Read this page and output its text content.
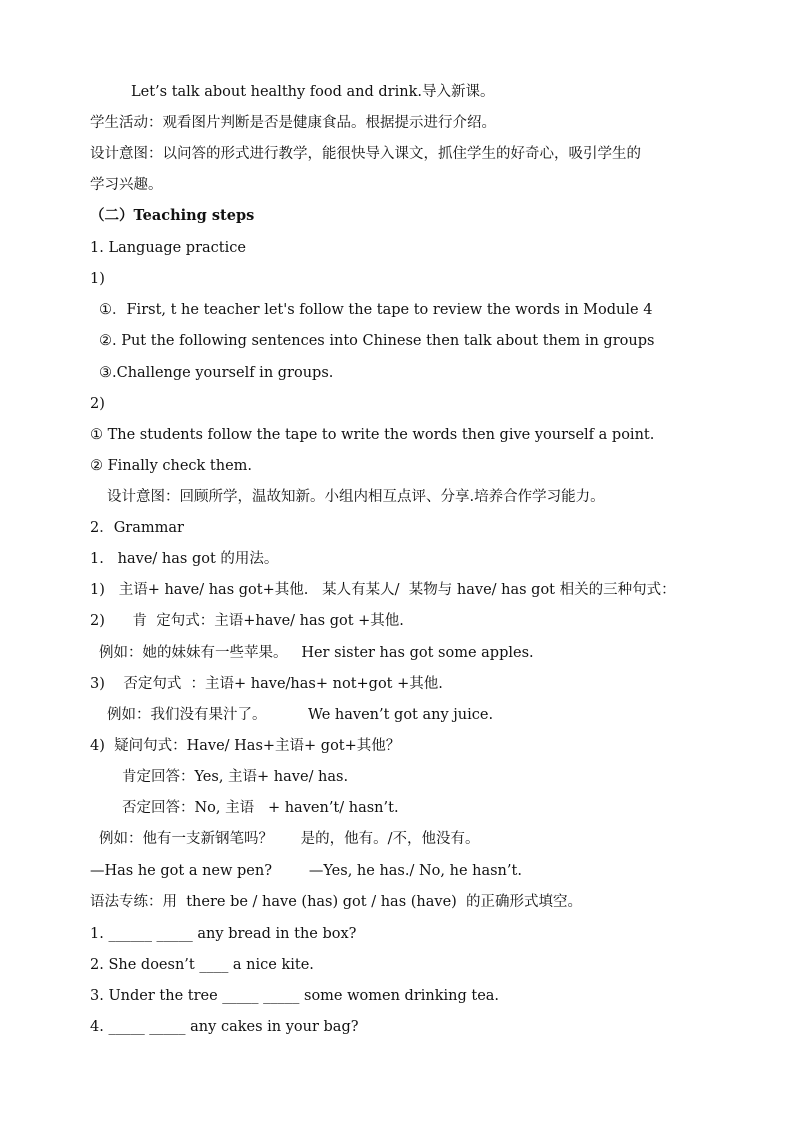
Let’s talk about healthy food and drink.导入新课。
学生活动：观看图片判断是否是健康食品。根据提示进行介绍。
设计意图：以问答的形式进行教学，能很快导入课文，抓住学生的好奇心，吸引学生的
学习兴趣。
（二）Teaching steps
1. Language practice
1)
①．First, t he teacher let's follow the tape to review the words in Module 4
②. Put the following sentences into Chinese then talk about them in groups
③.Challenge yourself in groups.
2)
① The students follow the tape to write the words then give yourself a point.
② Finally check them.
设计意图：回顾所学，温故知新。小组内相互点评、分享.培养合作学习能力。
2．Grammar
1.   have/ has got 的用法。
1)   主语+ have/ has got+其他.   某人有某人/  某物与 have/ has got 相关的三种句式：
2)      肯  定句式：主语+have/ has got +其他.
例如：她的妹妹有一些苹果。   Her sister has got some apples.
3)    否定句式  ：主语+ have/has+ not+got +其他.
例如：我们没有果汁了。         We haven’t got any juice.
4)  疑问句式：Have/ Has+主语+ got+其他？
肯定回答：Yes, 主语+ have/ has.
否定回答：No, 主语   + haven’t/ hasn’t.
例如：他有一支新钢笔吗？      是的，他有。/不，他没有。
—Has he got a new pen?        —Yes, he has./ No, he hasn’t.
语法专练：用  there be / have (has) got / has (have)  的正确形式填空。
1. ______ _____ any bread in the box?
2. She doesn’t ____ a nice kite.
3. Under the tree _____ _____ some women drinking tea.
4. _____ _____ any cakes in your bag?
